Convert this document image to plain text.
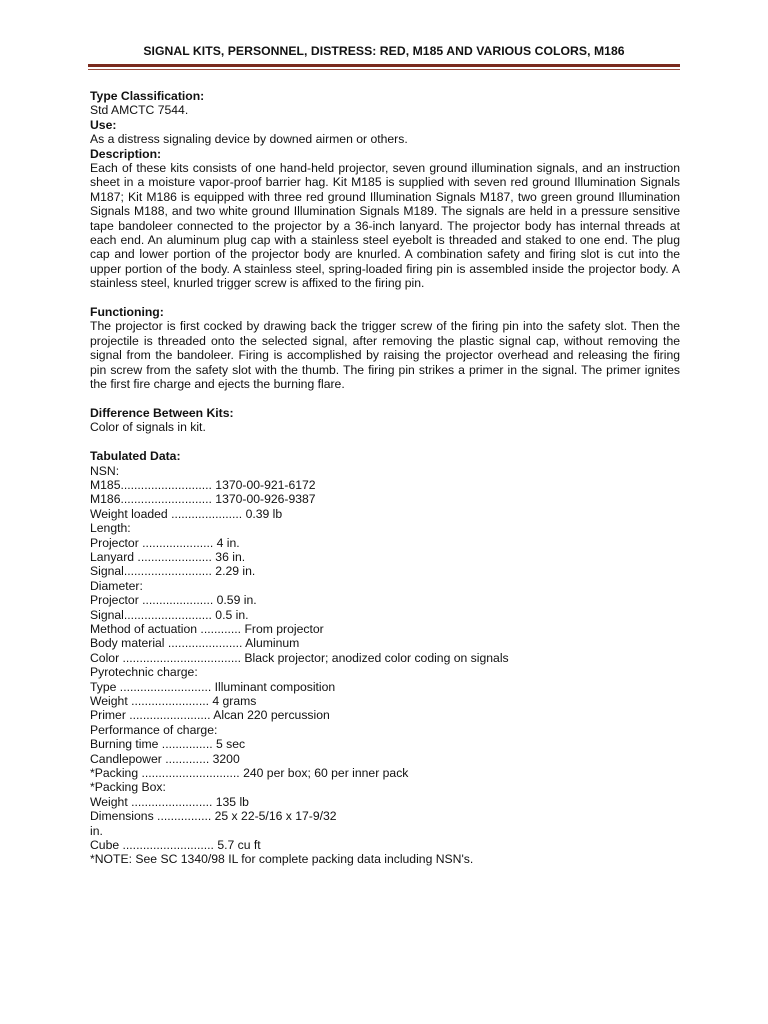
SIGNAL KITS, PERSONNEL, DISTRESS: RED, M185 AND VARIOUS COLORS, M186

Type Classification:

Std AMCTC 7544.

Use:

As a distress signaling device by downed airmen or others.

Description:

Each of these kits consists of one hand-held projector, seven ground illumination signals, and an instruction sheet in a moisture vapor-proof barrier hag. Kit M185 is supplied with seven red ground Illumination Signals M187; Kit M186 is equipped with three red ground Illumination Signals M187, two green ground Illumination Signals M188, and two white ground Illumination Signals M189. The signals are held in a pressure sensitive tape bandoleer connected to the projector by a 36-inch lanyard. The projector body has internal threads at each end. An aluminum plug cap with a stainless steel eyebolt is threaded and staked to one end. The plug cap and lower portion of the projector body are knurled. A combination safety and firing slot is cut into the upper portion of the body. A stainless steel, spring-loaded firing pin is assembled inside the projector body. A stainless steel, knurled trigger screw is affixed to the firing pin.

Functioning:

The projector is first cocked by drawing back the trigger screw of the firing pin into the safety slot. Then the projectile is threaded onto the selected signal, after removing the plastic signal cap, without removing the signal from the bandoleer. Firing is accomplished by raising the projector overhead and releasing the firing pin screw from the safety slot with the thumb. The firing pin strikes a primer in the signal. The primer ignites the first fire charge and ejects the burning flare.

Difference Between Kits:

Color of signals in kit.

Tabulated Data:

NSN:

M185........................... 1370-00-921-6172

M186........................... 1370-00-926-9387

Weight loaded ..................... 0.39 lb

Length:

Projector ..................... 4 in.

Lanyard ...................... 36 in.

Signal.......................... 2.29 in.

Diameter:

Projector ..................... 0.59 in.

Signal.......................... 0.5 in.

Method of actuation ............ From projector

Body material ...................... Aluminum

Color ................................... Black projector; anodized color coding on signals

Pyrotechnic charge:

Type ........................... Illuminant composition

Weight ....................... 4 grams

Primer ........................ Alcan 220 percussion

Performance of charge:

Burning time ............... 5 sec

Candlepower ............. 3200

*Packing ............................. 240 per box; 60 per inner pack

*Packing Box:

Weight ........................ 135 lb

Dimensions ................ 25 x 22-5/16 x 17-9/32

in.

Cube ........................... 5.7 cu ft

*NOTE: See SC 1340/98 IL for complete packing data including NSN's.
